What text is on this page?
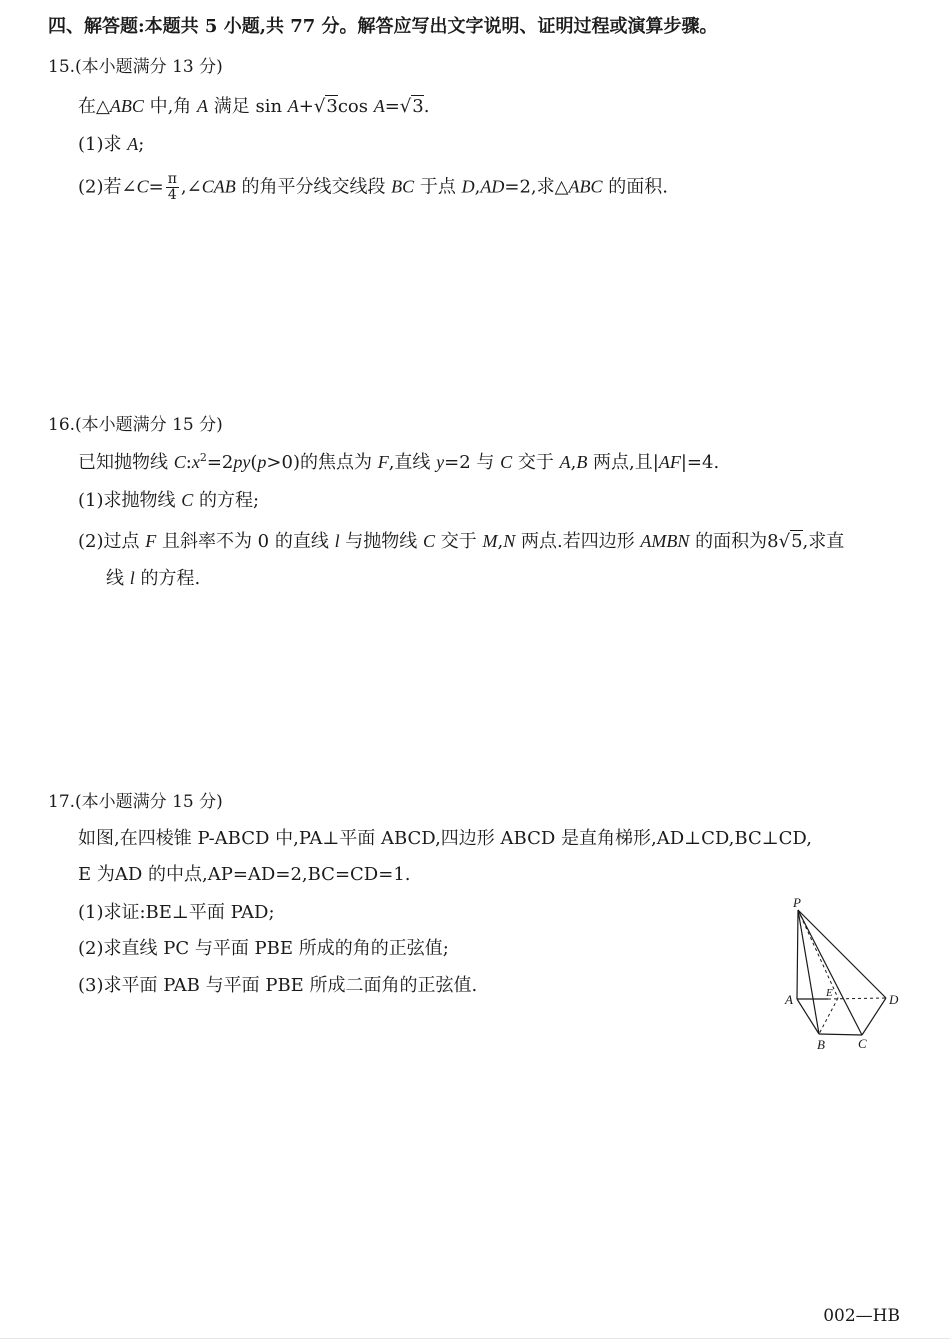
四、解答题:本题共 5 小题,共 77 分。解答应写出文字说明、证明过程或演算步骤。
15.(本小题满分 13 分)
在△ABC 中,角 A 满足 sin A+√3cos A=√3.
(1)求 A;
(2)若∠C= $\frac{\pi}{4}$ ,∠CAB 的角平分线交线段 BC 于点 D,AD=2,求△ABC 的面积.
16.(本小题满分 15 分)
已知抛物线 $C:x^2=2py(p>0)$的焦点为 F,直线 y=2 与 C 交于 A,B 两点,且|AF|=4.
(1)求抛物线 C 的方程;
(2)过点 F 且斜率不为 0 的直线 l 与抛物线 C 交于 M,N 两点.若四边形 AMBN 的面积为8√5,求直
线 l 的方程.
17.(本小题满分 15 分)
如图,在四棱锥 P-ABCD 中,PA⊥平面 ABCD,四边形 ABCD 是直角梯形,AD⊥CD,BC⊥CD,
E 为AD 的中点,AP=AD=2,BC=CD=1.
(1)求证:BE⊥平面 PAD;
(2)求直线 PC 与平面 PBE 所成的角的正弦值;
(3)求平面 PAB 与平面 PBE 所成二面角的正弦值.
P
A	E	D
B	C
002—HB
